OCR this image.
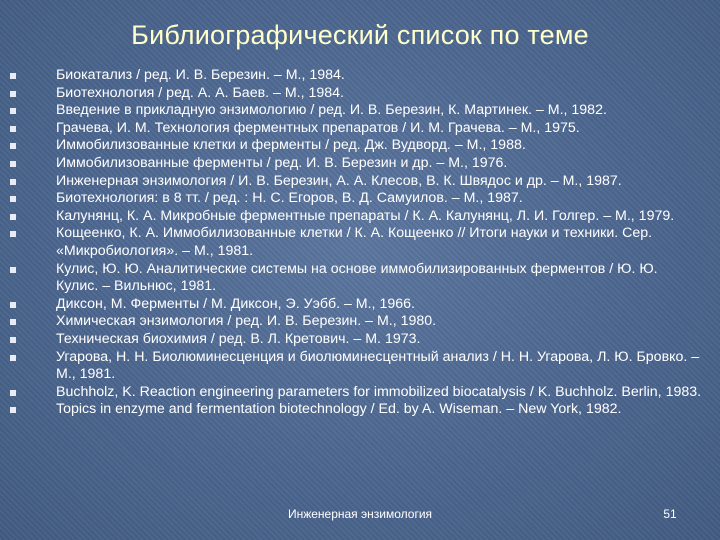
Библиографический список по теме
Биокатализ / ред. И. В. Березин. – М., 1984.
Биотехнология / ред. А. А. Баев. – М., 1984.
Введение в прикладную энзимологию / ред. И. В. Березин, К. Мартинек. – М., 1982.
Грачева, И. М. Технология ферментных препаратов / И. М. Грачева. – М., 1975.
Иммобилизованные клетки и ферменты / ред. Дж. Вудворд. – М., 1988.
Иммобилизованные ферменты / ред. И. В. Березин и др. – М., 1976.
Инженерная энзимология / И. В. Березин, А. А. Клесов, В. К. Швядос и др. – М., 1987.
Биотехнология: в 8 тт. / ред. : Н. С. Егоров, В. Д. Самуилов. – М., 1987.
Калунянц, К. А. Микробные ферментные препараты / К. А. Калунянц, Л. И. Голгер. – М., 1979.
Кощеенко, К. А. Иммобилизованные клетки / К. А. Кощеенко // Итоги науки и техники. Сер. «Микробиология». – М., 1981.
Кулис, Ю. Ю. Аналитические системы на основе иммобилизированных ферментов / Ю. Ю. Кулис. – Вильнюс, 1981.
Диксон, М. Ферменты / М. Диксон, Э. Уэбб. – М., 1966.
Химическая энзимология / ред. И. В. Березин. – М., 1980.
Техническая биохимия / ред. В. Л. Кретович. – М. 1973.
Угарова, Н. Н. Биолюминесценция и биолюминесцентный анализ / Н. Н. Угарова, Л. Ю. Бровко. – М., 1981.
Buchholz, K. Reaction engineering parameters for immobilized biocatalysis / K. Buchholz. Berlin, 1983.
Topics in enzyme and fermentation biotechnology / Ed. by A. Wiseman. – New York, 1982.
Инженерная энзимология	51
